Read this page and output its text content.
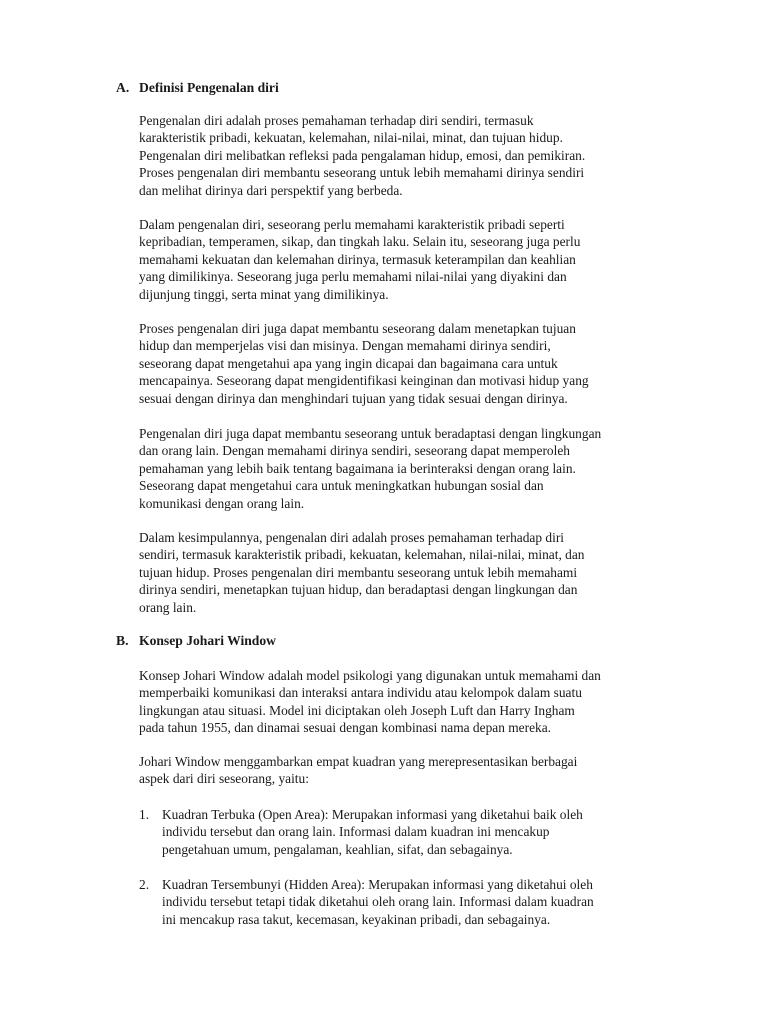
A. Definisi Pengenalan diri
Pengenalan diri adalah proses pemahaman terhadap diri sendiri, termasuk
karakteristik pribadi, kekuatan, kelemahan, nilai-nilai, minat, dan tujuan hidup.
Pengenalan diri melibatkan refleksi pada pengalaman hidup, emosi, dan pemikiran.
Proses pengenalan diri membantu seseorang untuk lebih memahami dirinya sendiri
dan melihat dirinya dari perspektif yang berbeda.
Dalam pengenalan diri, seseorang perlu memahami karakteristik pribadi seperti
kepribadian, temperamen, sikap, dan tingkah laku. Selain itu, seseorang juga perlu
memahami kekuatan dan kelemahan dirinya, termasuk keterampilan dan keahlian
yang dimilikinya. Seseorang juga perlu memahami nilai-nilai yang diyakini dan
dijunjung tinggi, serta minat yang dimilikinya.
Proses pengenalan diri juga dapat membantu seseorang dalam menetapkan tujuan
hidup dan memperjelas visi dan misinya. Dengan memahami dirinya sendiri,
seseorang dapat mengetahui apa yang ingin dicapai dan bagaimana cara untuk
mencapainya. Seseorang dapat mengidentifikasi keinginan dan motivasi hidup yang
sesuai dengan dirinya dan menghindari tujuan yang tidak sesuai dengan dirinya.
Pengenalan diri juga dapat membantu seseorang untuk beradaptasi dengan lingkungan
dan orang lain. Dengan memahami dirinya sendiri, seseorang dapat memperoleh
pemahaman yang lebih baik tentang bagaimana ia berinteraksi dengan orang lain.
Seseorang dapat mengetahui cara untuk meningkatkan hubungan sosial dan
komunikasi dengan orang lain.
Dalam kesimpulannya, pengenalan diri adalah proses pemahaman terhadap diri
sendiri, termasuk karakteristik pribadi, kekuatan, kelemahan, nilai-nilai, minat, dan
tujuan hidup. Proses pengenalan diri membantu seseorang untuk lebih memahami
dirinya sendiri, menetapkan tujuan hidup, dan beradaptasi dengan lingkungan dan
orang lain.
B. Konsep Johari Window
Konsep Johari Window adalah model psikologi yang digunakan untuk memahami dan
memperbaiki komunikasi dan interaksi antara individu atau kelompok dalam suatu
lingkungan atau situasi. Model ini diciptakan oleh Joseph Luft dan Harry Ingham
pada tahun 1955, dan dinamai sesuai dengan kombinasi nama depan mereka.
Johari Window menggambarkan empat kuadran yang merepresentasikan berbagai
aspek dari diri seseorang, yaitu:
1. Kuadran Terbuka (Open Area): Merupakan informasi yang diketahui baik oleh
individu tersebut dan orang lain. Informasi dalam kuadran ini mencakup
pengetahuan umum, pengalaman, keahlian, sifat, dan sebagainya.
2. Kuadran Tersembunyi (Hidden Area): Merupakan informasi yang diketahui oleh
individu tersebut tetapi tidak diketahui oleh orang lain. Informasi dalam kuadran
ini mencakup rasa takut, kecemasan, keyakinan pribadi, dan sebagainya.
